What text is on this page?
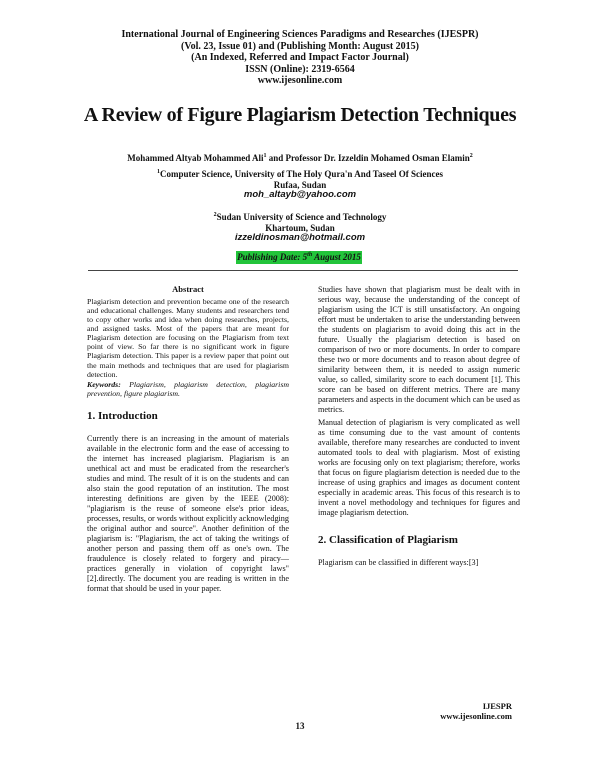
International Journal of Engineering Sciences Paradigms and Researches (IJESPR)
(Vol. 23, Issue 01) and (Publishing Month: August 2015)
(An Indexed, Referred and Impact Factor Journal)
ISSN (Online): 2319-6564
www.ijesonline.com
A Review of Figure Plagiarism Detection Techniques
Mohammed Altyab Mohammed Ali$^1$ and Professor Dr. Izzeldin Mohamed Osman Elamin$^2$
$^1$Computer Science, University of The Holy Qura'n And Taseel Of Sciences
Rufaa, Sudan
moh_altayb@yahoo.com
$^2$Sudan University of Science and Technology
Khartoum, Sudan
izzeldinosman@hotmail.com
Publishing Date: 5th August 2015
Abstract

Plagiarism detection and prevention became one of the research and educational challenges. Many students and researchers tend to copy other works and idea when doing researches, projects, and assigned tasks. Most of the papers that are meant for Plagiarism detection are focusing on the Plagiarism from text point of view. So far there is no significant work in figure Plagiarism detection. This paper is a review paper that point out the main methods and techniques that are used for plagiarism detection.

Keywords: Plagiarism, plagiarism detection, plagiarism prevention, figure plagiarism.

1. Introduction

Currently there is an increasing in the amount of materials available in the electronic form and the ease of accessing to the internet has increased plagiarism. Plagiarism is an unethical act and must be eradicated from the researcher's studies and mind. The result of it is on the students and can also stain the good reputation of an institution. The most interesting definitions are given by the IEEE (2008): "plagiarism is the reuse of someone else's prior ideas, processes, results, or words without explicitly acknowledging the original author and source". Another definition of the plagiarism is: "Plagiarism, the act of taking the writings of another person and passing them off as one's own. The fraudulence is closely related to forgery and piracy— practices generally in violation of copyright laws" [2].directly. The document you are reading is written in the format that should be used in your paper.

Studies have shown that plagiarism must be dealt with in serious way, because the understanding of the concept of plagiarism using the ICT is still unsatisfactory. An ongoing effort must be undertaken to arise the understanding between the students on plagiarism to avoid doing this act in the future. Usually the plagiarism detection is based on comparison of two or more documents. In order to compare these two or more documents and to reason about degree of similarity between them, it is needed to assign numeric value, so called, similarity score to each document [1]. This score can be based on different metrics. There are many parameters and aspects in the document which can be used as metrics.

Manual detection of plagiarism is very complicated as well as time consuming due to the vast amount of contents available, therefore many researches are conducted to invent automated tools to deal with plagiarism. Most of existing works are focusing only on text plagiarism; therefore, works that focus on figure plagiarism detection is needed due to the increase of using graphics and images as document content especially in academic areas. This focus of this research is to invent a novel methodology and techniques for figures and image plagiarism detection.

2. Classification of Plagiarism

Plagiarism can be classified in different ways:[3]

IJESPR
www.ijesonline.com
13
